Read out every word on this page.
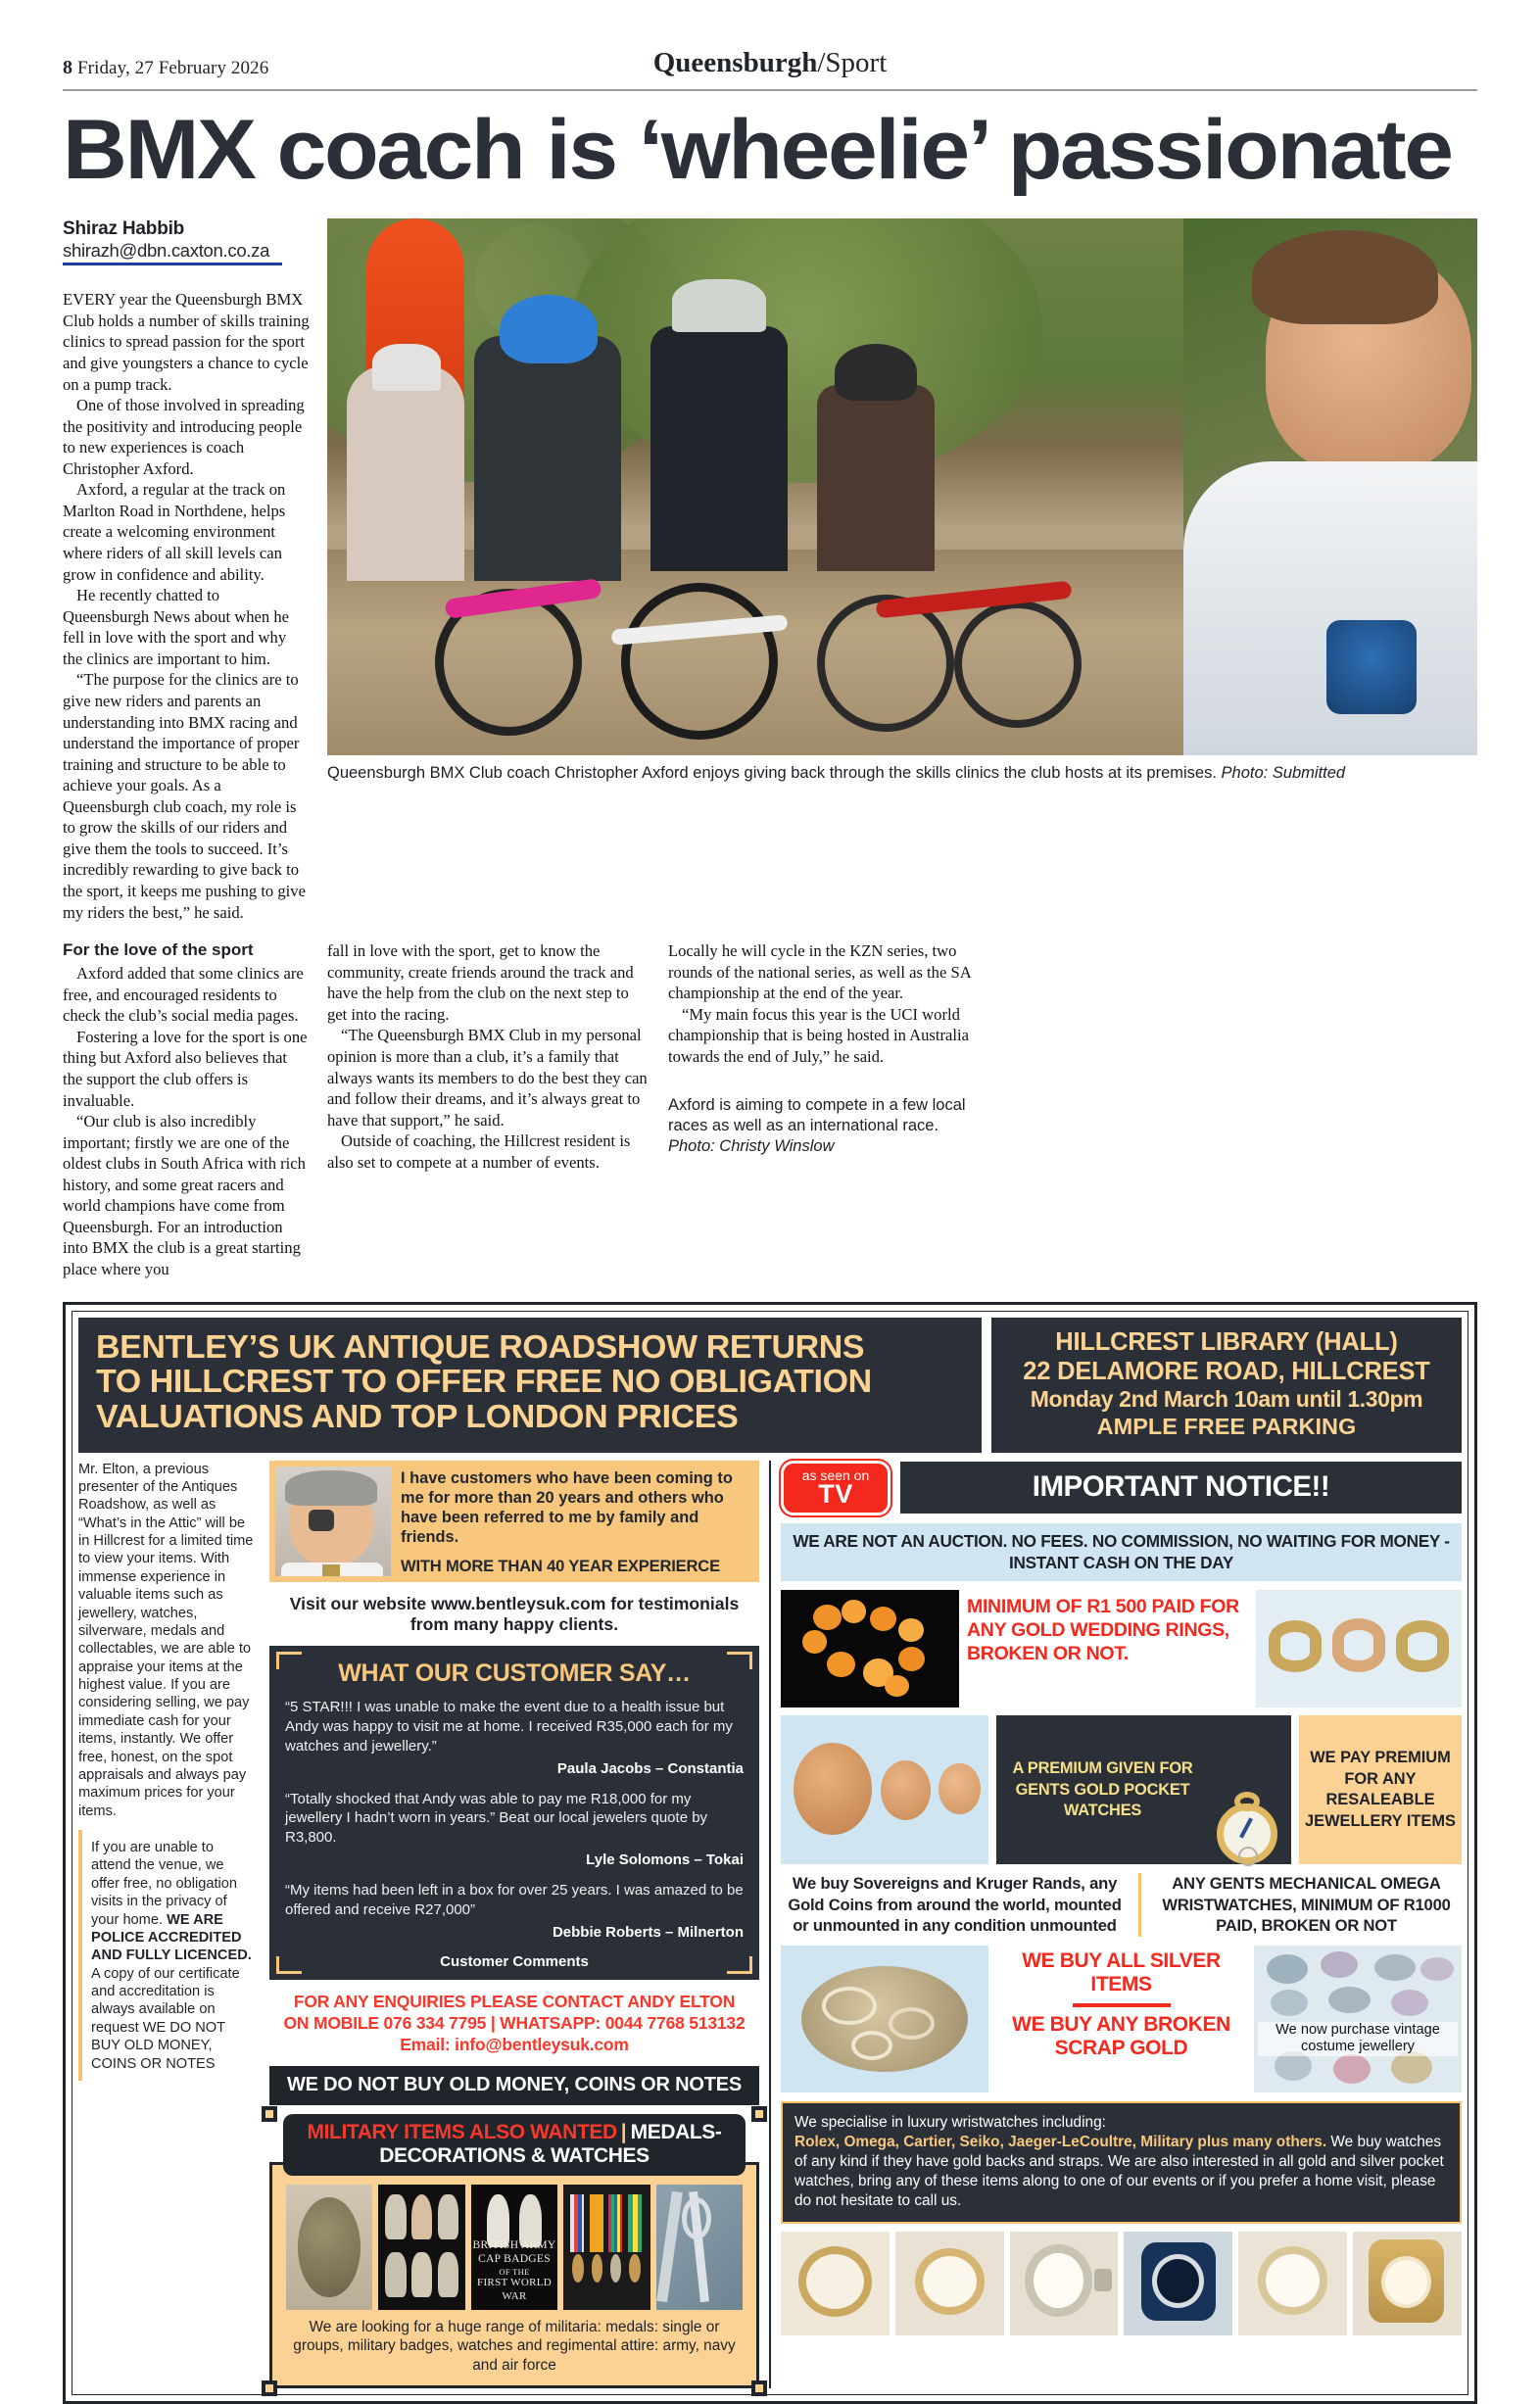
8 Friday, 27 February 2026	Queensburgh/Sport
BMX coach is ‘wheelie’ passionate
Shiraz Habbib
shirazh@dbn.caxton.co.za

EVERY year the Queensburgh BMX Club holds a number of skills training clinics to spread passion for the sport and give youngsters a chance to cycle on a pump track.

One of those involved in spreading the positivity and introducing people to new experiences is coach Christopher Axford.

Axford, a regular at the track on Marlton Road in Northdene, helps create a welcoming environment where riders of all skill levels can grow in confidence and ability.

He recently chatted to Queensburgh News about when he fell in love with the sport and why the clinics are important to him.

“The purpose for the clinics are to give new riders and parents an understanding into BMX racing and understand the importance of proper training and structure to be able to achieve your goals. As a Queensburgh club coach, my role is to grow the skills of our riders and give them the tools to succeed. It’s incredibly rewarding to give back to the sport, it keeps me pushing to give my riders the best,” he said.

Queensburgh BMX Club coach Christopher Axford enjoys giving back through the skills clinics the club hosts at its premises. Photo: Submitted
For the love of the sport

Axford added that some clinics are free, and encouraged residents to check the club’s social media pages.

Fostering a love for the sport is one thing but Axford also believes that the support the club offers is invaluable.

“Our club is also incredibly important; firstly we are one of the oldest clubs in South Africa with rich history, and some great racers and world champions have come from Queensburgh. For an introduction into BMX the club is a great starting place where you

fall in love with the sport, get to know the community, create friends around the track and have the help from the club on the next step to get into the racing.

“The Queensburgh BMX Club in my personal opinion is more than a club, it’s a family that always wants its members to do the best they can and follow their dreams, and it’s always great to have that support,” he said.

Outside of coaching, the Hillcrest resident is also set to compete at a number of events.

Locally he will cycle in the KZN series, two rounds of the national series, as well as the SA championship at the end of the year.

“My main focus this year is the UCI world championship that is being hosted in Australia towards the end of July,” he said.

Axford is aiming to compete in a few local races as well as an international race.
Photo: Christy Winslow
BENTLEY’S UK ANTIQUE ROADSHOW RETURNS
TO HILLCREST TO OFFER FREE NO OBLIGATION
VALUATIONS AND TOP LONDON PRICES
HILLCREST LIBRARY (HALL)
22 DELAMORE ROAD, HILLCREST
Monday 2nd March 10am until 1.30pm
AMPLE FREE PARKING
Mr. Elton, a previous presenter of the Antiques Roadshow, as well as “What’s in the Attic” will be in Hillcrest for a limited time to view your items. With immense experience in valuable items such as jewellery, watches, silverware, medals and collectables, we are able to appraise your items at the highest value. If you are considering selling, we pay immediate cash for your items, instantly. We offer free, honest, on the spot appraisals and always pay maximum prices for your items.
If you are unable to attend the venue, we offer free, no obligation visits in the privacy of your home. WE ARE POLICE ACCREDITED AND FULLY LICENCED. A copy of our certificate and accreditation is always available on request WE DO NOT BUY OLD MONEY, COINS OR NOTES
I have customers who have been coming to me for more than 20 years and others who have been referred to me by family and friends.
WITH MORE THAN 40 YEAR EXPERIERCE
Visit our website www.bentleysuk.com for testimonials from many happy clients.
WHAT OUR CUSTOMER SAY…
“5 STAR!!! I was unable to make the event due to a health issue but Andy was happy to visit me at home. I received R35,000 each for my watches and jewellery.”
Paula Jacobs – Constantia
“Totally shocked that Andy was able to pay me R18,000 for my jewellery I hadn’t worn in years.” Beat our local jewelers quote by R3,800.
Lyle Solomons – Tokai
“My items had been left in a box for over 25 years. I was amazed to be offered and receive R27,000”
Debbie Roberts – Milnerton
Customer Comments
FOR ANY ENQUIRIES PLEASE CONTACT ANDY ELTON
ON MOBILE 076 334 7795 | WHATSAPP: 0044 7768 513132
Email: info@bentleysuk.com
WE DO NOT BUY OLD MONEY, COINS OR NOTES
MILITARY ITEMS ALSO WANTED | MEDALS-DECORATIONS & WATCHES
BRITISH ARMY CAP BADGES
OF THE
FIRST WORLD WAR
We are looking for a huge range of militaria: medals: single or groups, military badges, watches and regimental attire: army, navy and air force
as seen on
TV	IMPORTANT NOTICE!!
WE ARE NOT AN AUCTION. NO FEES. NO COMMISSION, NO WAITING FOR MONEY - INSTANT CASH ON THE DAY
MINIMUM OF R1 500 PAID FOR ANY GOLD WEDDING RINGS, BROKEN OR NOT.
A PREMIUM GIVEN FOR GENTS GOLD POCKET WATCHES
WE PAY PREMIUM FOR ANY RESALEABLE JEWELLERY ITEMS
We buy Sovereigns and Kruger Rands, any Gold Coins from around the world, mounted or unmounted in any condition unmounted
ANY GENTS MECHANICAL OMEGA WRISTWATCHES, MINIMUM OF R1000 PAID, BROKEN OR NOT
WE BUY ALL SILVER ITEMS
WE BUY ANY BROKEN SCRAP GOLD
We now purchase vintage costume jewellery
We specialise in luxury wristwatches including:
Rolex, Omega, Cartier, Seiko, Jaeger-LeCoultre, Military plus many others. We buy watches of any kind if they have gold backs and straps. We are also interested in all gold and silver pocket watches, bring any of these items along to one of our events or if you prefer a home visit, please do not hesitate to call us.
